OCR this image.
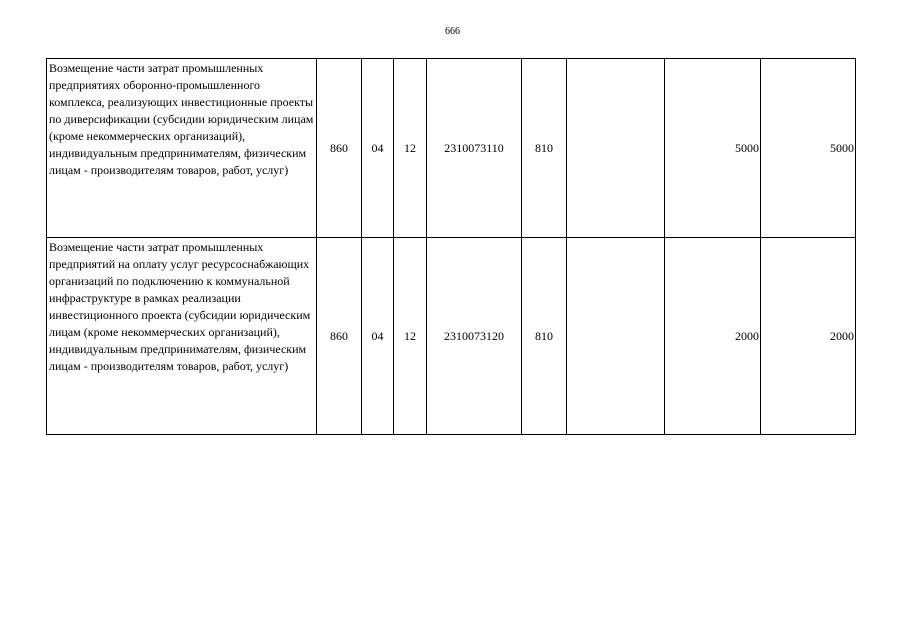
666
Возмещение части затрат промышленных предприятиях оборонно-промышленного комплекса, реализующих инвестиционные проекты по диверсификации (субсидии юридическим лицам (кроме некоммерческих организаций), индивидуальным предпринимателям, физическим лицам - производителям товаров, работ, услуг)	860	04	12	2310073110	810		5000	5000
Возмещение части затрат промышленных предприятий на оплату услуг ресурсоснабжающих организаций по подключению к коммунальной инфраструктуре в рамках реализации инвестиционного проекта (субсидии юридическим лицам (кроме некоммерческих организаций), индивидуальным предпринимателям, физическим лицам - производителям товаров, работ, услуг)	860	04	12	2310073120	810		2000	2000
